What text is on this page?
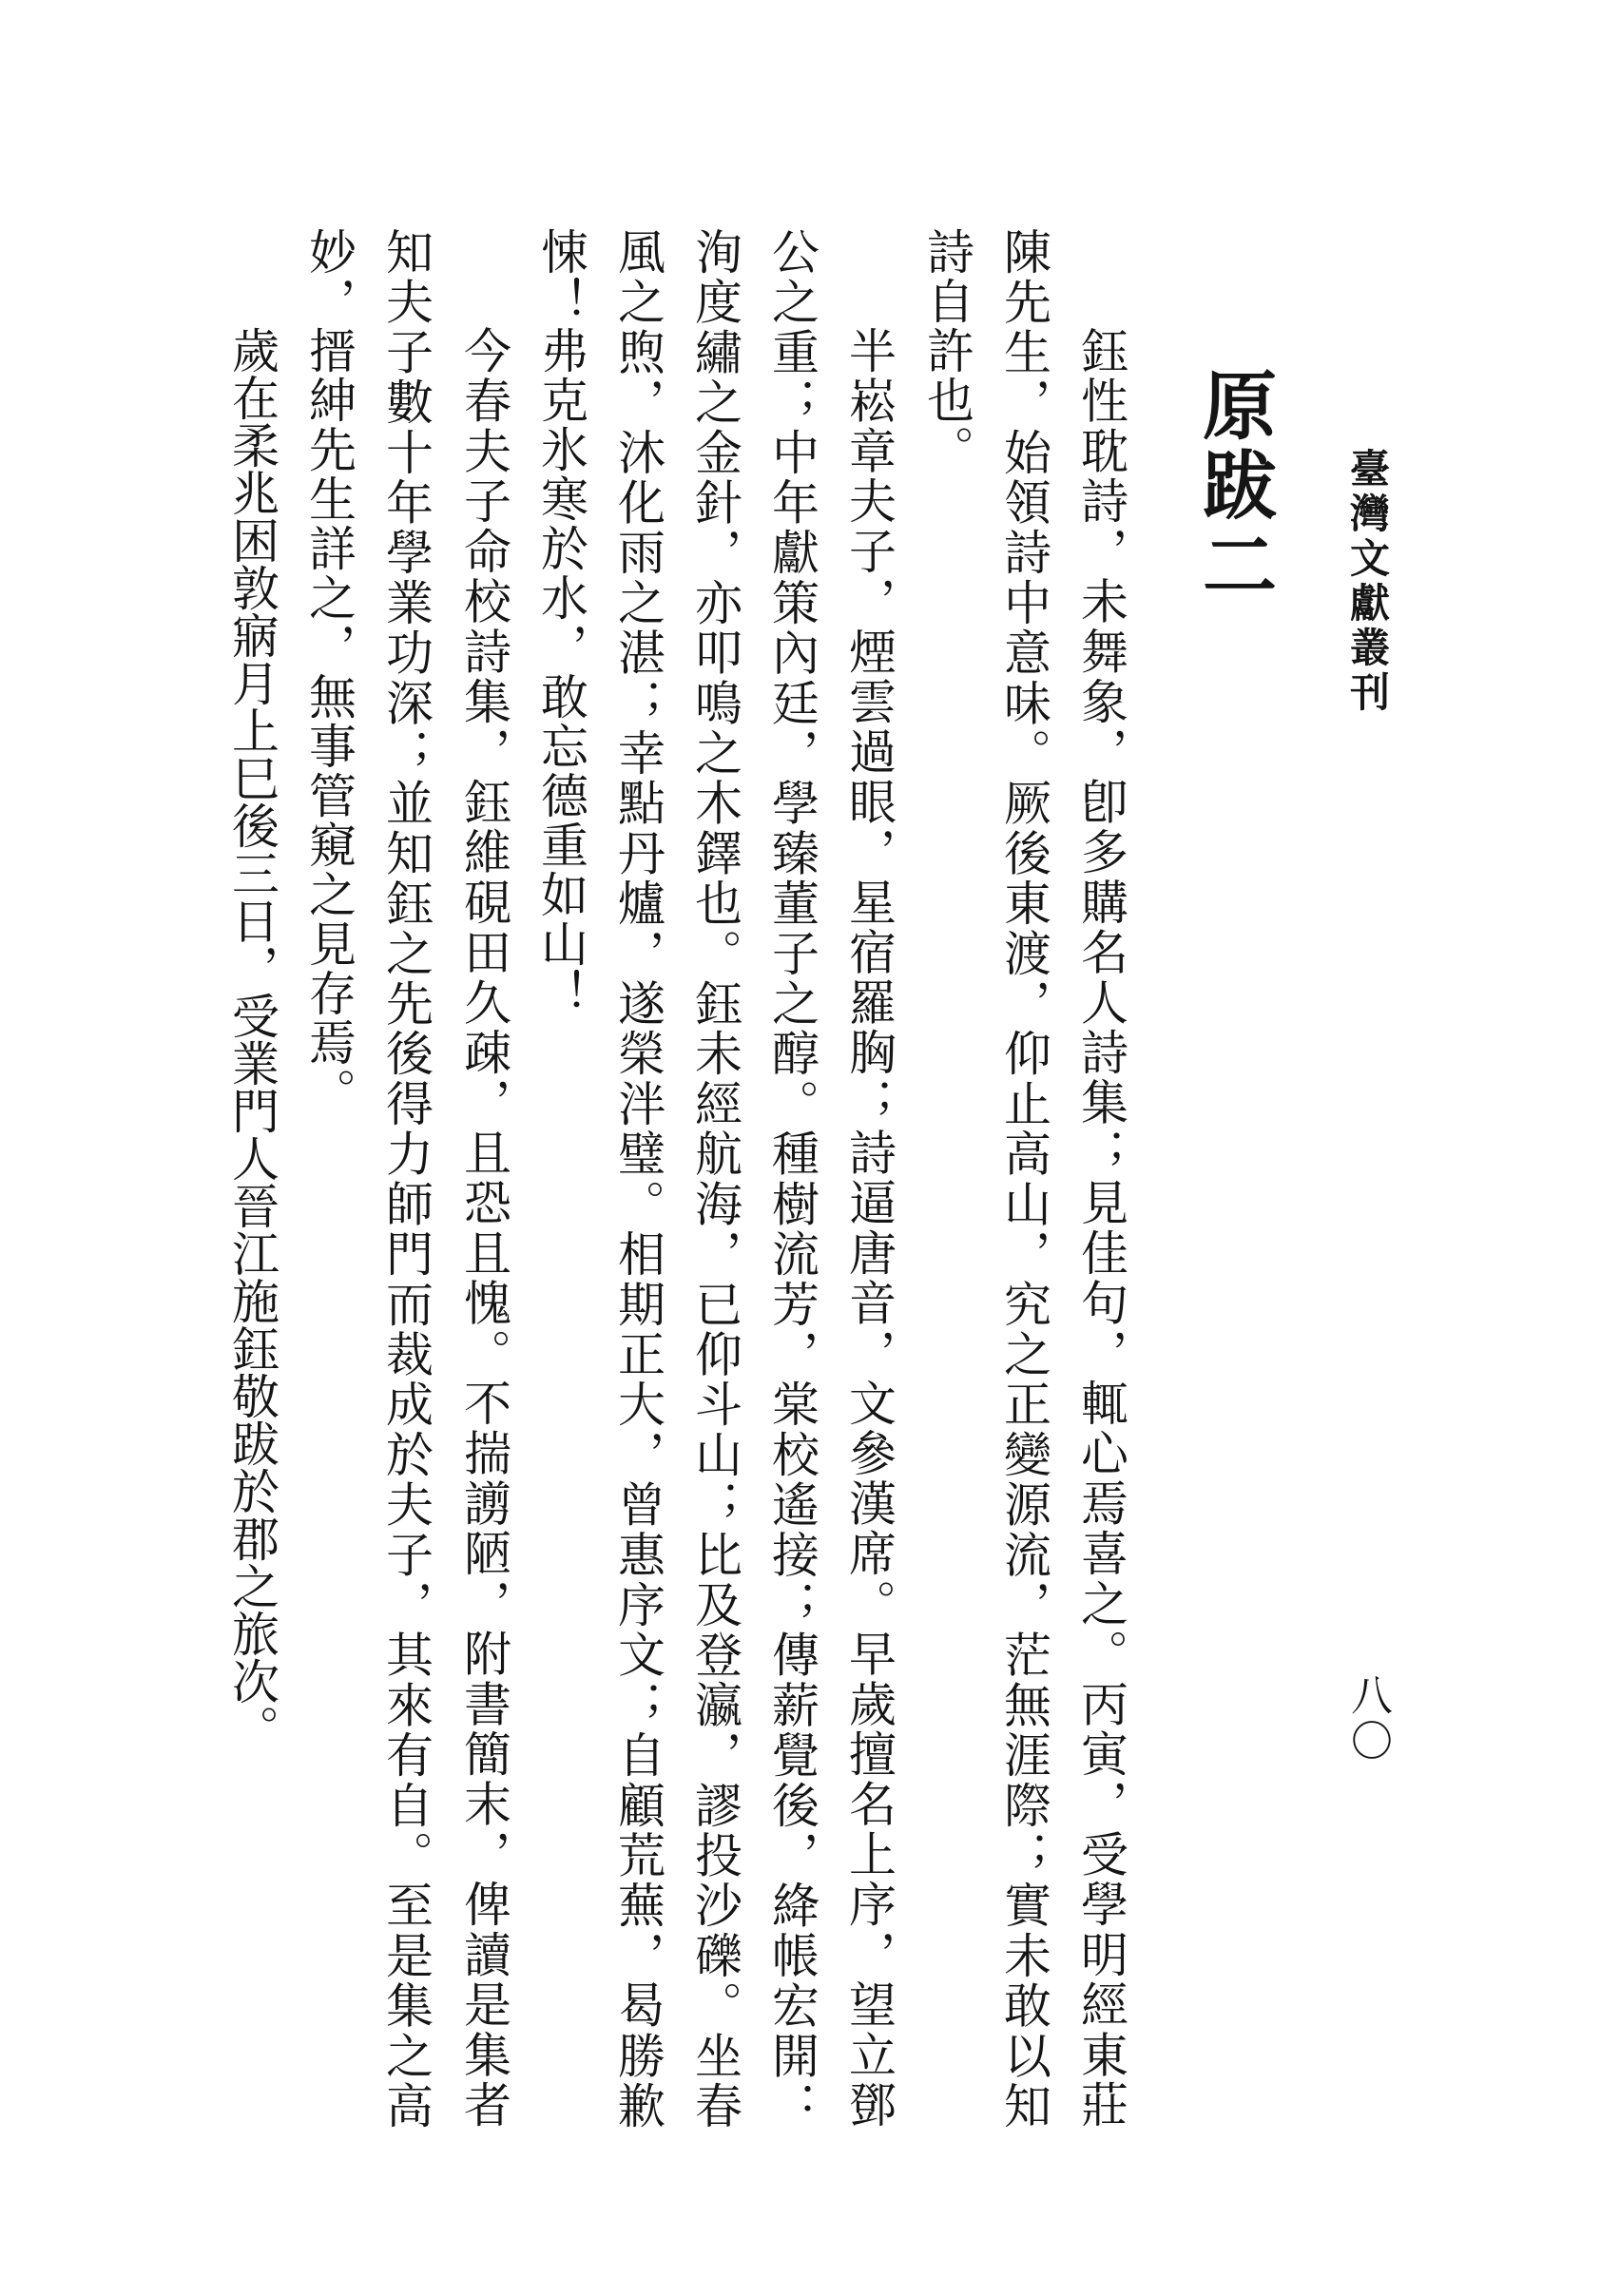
臺灣文獻叢刊
八〇
原跋二
鈺性耽詩，未舞象，卽多購名人詩集；見佳句，輒心焉喜之。丙寅，受學明經東莊
陳先生，始領詩中意味。厥後東渡，仰止高山，究之正變源流，茫無涯際；實未敢以知
詩自許也。
半崧章夫子，煙雲過眼，星宿羅胸；詩逼唐音，文參漢席。早歲擅名上序，望立鄧
公之重；中年獻策內廷，學臻董子之醇。種樹流芳，棠校遙接；傳薪覺後，絳帳宏開：
洵度繡之金針，亦叩鳴之木鐸也。鈺未經航海，已仰斗山；比及登瀛，謬投沙礫。坐春
風之煦，沐化雨之湛；幸點丹爐，遂榮泮璧。相期正大，曾惠序文；自顧荒蕪，曷勝歉
悚！弗克氷寒於水，敢忘德重如山！
今春夫子命校詩集，鈺維硯田久疎，且恐且愧。不揣謭陋，附書簡末，俾讀是集者
知夫子數十年學業功深；並知鈺之先後得力師門而裁成於夫子，其來有自。至是集之高
妙，搢紳先生詳之，無事管窺之見存焉。
歲在柔兆困敦寎月上巳後三日，受業門人晉江施鈺敬跋於郡之旅次。
